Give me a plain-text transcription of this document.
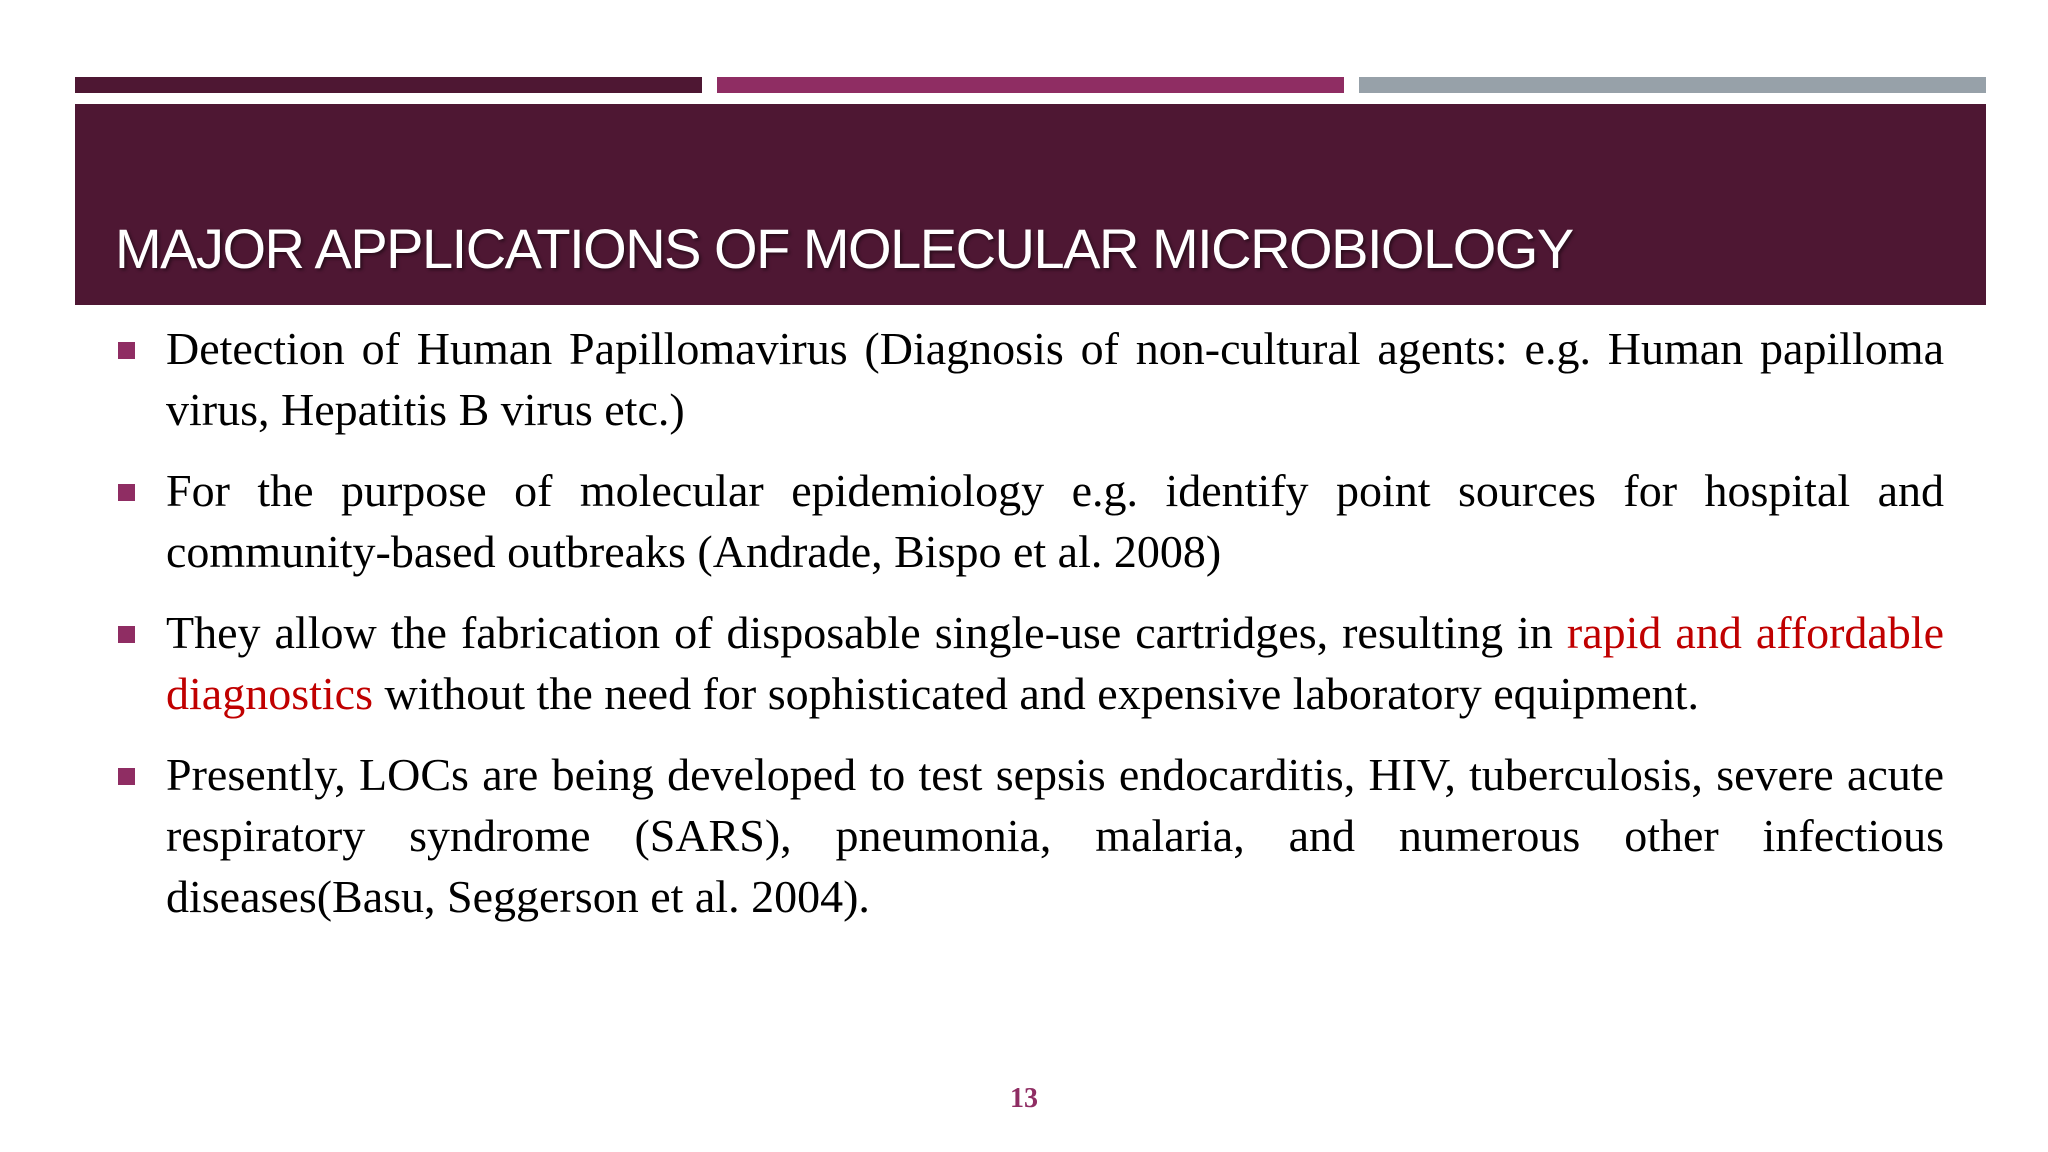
MAJOR APPLICATIONS OF MOLECULAR MICROBIOLOGY
Detection of Human Papillomavirus (Diagnosis of non-cultural agents: e.g. Human papilloma virus, Hepatitis B virus etc.)
For the purpose of molecular epidemiology e.g. identify point sources for hospital and community-based outbreaks (Andrade, Bispo et al. 2008)
They allow the fabrication of disposable single-use cartridges, resulting in rapid and affordable diagnostics without the need for sophisticated and expensive laboratory equipment.
Presently, LOCs are being developed to test sepsis endocarditis, HIV, tuberculosis, severe acute respiratory syndrome (SARS), pneumonia, malaria, and numerous other infectious diseases(Basu, Seggerson et al. 2004).
13
